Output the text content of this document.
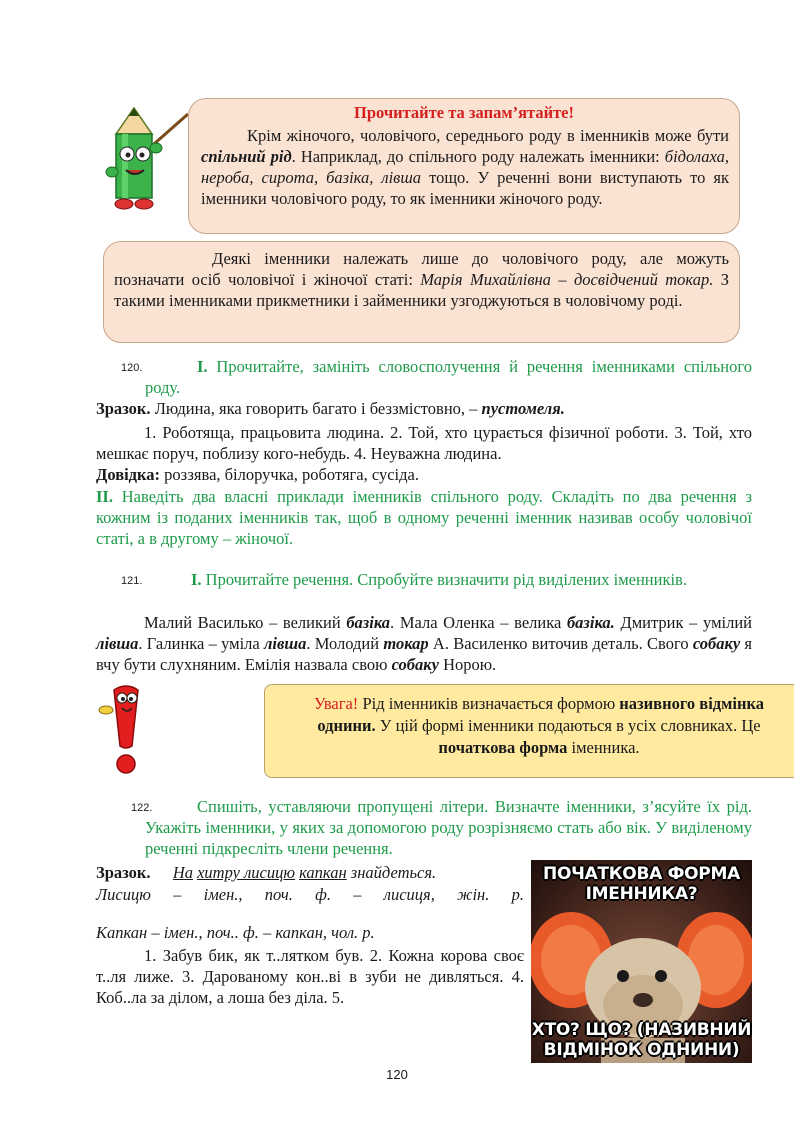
Прочитайте та запам’ятайте!
Крім жіночого, чоловічого, середнього роду в іменників може бути спільний рід. Наприклад, до спільного роду належать іменники: бідолаха, нероба, сирота, базіка, лівша тощо. У реченні вони виступають то як іменники чоловічого роду, то як іменники жіночого роду.
Деякі іменники належать лише до чоловічого роду, але можуть позначати осіб чоловічої і жіночої статі: Марія Михайлівна – досвідчений токар. З такими іменниками прикметники і займенники узгоджуються в чоловічому роді.
120.	I. Прочитайте, замініть словосполучення й речення іменниками спільного роду.
Зразок. Людина, яка говорить багато і беззмістовно, – пустомеля.
1. Роботяща, працьовита людина. 2. Той, хто цурається фізичної роботи. 3. Той, хто мешкає поруч, поблизу кого-небудь. 4. Неуважна людина.
Довідка: роззява, білоручка, роботяга, сусіда.
II. Наведіть два власні приклади іменників спільного роду. Складіть по два речення з кожним із поданих іменників так, щоб в одному реченні іменник називав особу чоловічої статі, а в другому – жіночої.
121.	I. Прочитайте речення. Спробуйте визначити рід виділених іменників.
Малий Василько – великий базіка. Мала Оленка – велика базіка. Дмитрик – умілий лівша. Галинка – уміла лівша. Молодий токар А. Василенко виточив деталь. Свого собаку я вчу бути слухняним. Емілія назвала свою собаку Норою.
Увага! Рід іменників визначається формою називного відмінка однини. У цій формі іменники подаються в усіх словниках. Це початкова форма іменника.
122.	Спишіть, уставляючи пропущені літери. Визначте іменники, з’ясуйте їх рід. Укажіть іменники, у яких за допомогою роду розрізняємо стать або вік. У виділеному реченні підкресліть члени речення.
Зразок. На хитру лисицю капкан знайдеться.
Лисицю – імен., поч. ф. – лисиця, жін. р.
Капкан – імен., поч.. ф. – капкан, чол. р.
1. Забув бик, як т..лятком був. 2. Кожна корова своє т..ля лиже. 3. Дарованому кон..ві в зуби не дивляться. 4. Коб..ла за ділом, а лоша без діла. 5.
ПОЧАТКОВА ФОРМА ІМЕННИКА?
ХТО? ЩО? (НАЗИВНИЙ ВІДМІНОК ОДНИНИ)
120
